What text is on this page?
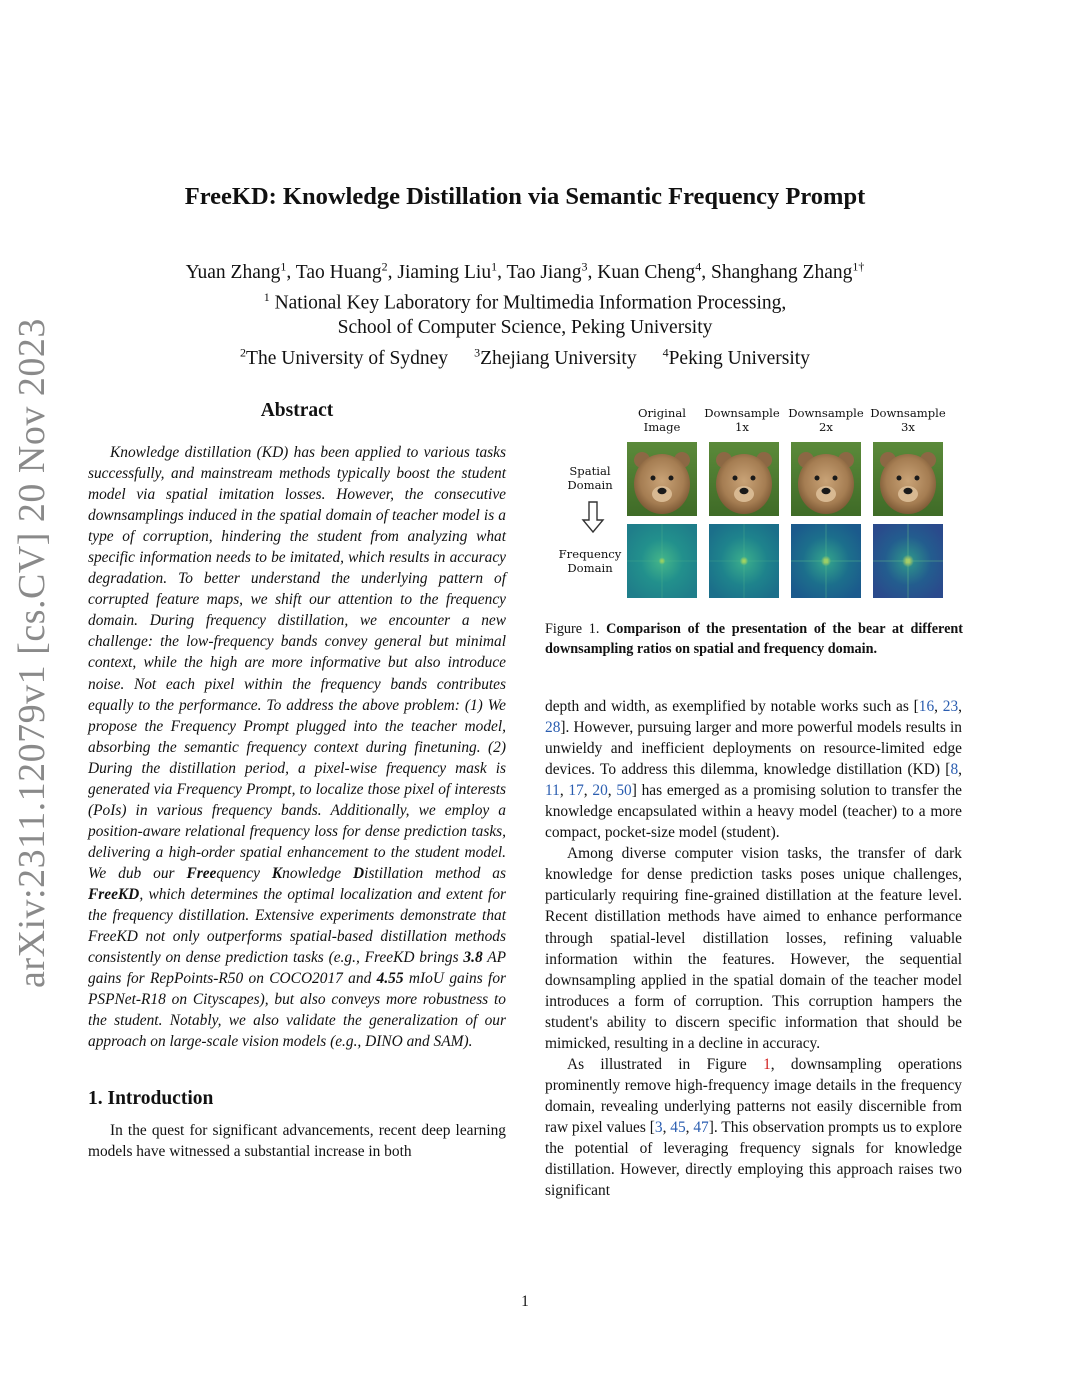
arXiv:2311.12079v1 [cs.CV] 20 Nov 2023
FreeKD: Knowledge Distillation via Semantic Frequency Prompt
Yuan Zhang$^1$, Tao Huang$^2$, Jiaming Liu$^1$, Tao Jiang$^3$, Kuan Cheng$^4$, Shanghang Zhang$^{1\dagger}$
$^1$ National Key Laboratory for Multimedia Information Processing,
School of Computer Science, Peking University
$^2$The University of Sydney $^3$Zhejiang University $^4$Peking University
Abstract

Knowledge distillation (KD) has been applied to various tasks successfully, and mainstream methods typically boost the student model via spatial imitation losses. However, the consecutive downsamplings induced in the spatial domain of teacher model is a type of corruption, hindering the student from analyzing what specific information needs to be imitated, which results in accuracy degradation. To better understand the underlying pattern of corrupted feature maps, we shift our attention to the frequency domain. During frequency distillation, we encounter a new challenge: the low-frequency bands convey general but minimal context, while the high are more informative but also introduce noise. Not each pixel within the frequency bands contributes equally to the performance. To address the above problem: (1) We propose the Frequency Prompt plugged into the teacher model, absorbing the semantic frequency context during finetuning. (2) During the distillation period, a pixel-wise frequency mask is generated via Frequency Prompt, to localize those pixel of interests (PoIs) in various frequency bands. Additionally, we employ a position-aware relational frequency loss for dense prediction tasks, delivering a high-order spatial enhancement to the student model. We dub our Freequency Knowledge Distillation method as FreeKD, which determines the optimal localization and extent for the frequency distillation. Extensive experiments demonstrate that FreeKD not only outperforms spatial-based distillation methods consistently on dense prediction tasks (e.g., FreeKD brings 3.8 AP gains for RepPoints-R50 on COCO2017 and 4.55 mIoU gains for PSPNet-R18 on Cityscapes), but also conveys more robustness to the student. Notably, we also validate the generalization of our approach on large-scale vision models (e.g., DINO and SAM).

1. Introduction

In the quest for significant advancements, recent deep learning models have witnessed a substantial increase in both

Original
Image
Downsample
1x
Downsample
2x
Downsample
3x
Spatial
Domain
Frequency
Domain
Figure 1. Comparison of the presentation of the bear at different downsampling ratios on spatial and frequency domain.

depth and width, as exemplified by notable works such as [16, 23, 28]. However, pursuing larger and more powerful models results in unwieldy and inefficient deployments on resource-limited edge devices. To address this dilemma, knowledge distillation (KD) [8, 11, 17, 20, 50] has emerged as a promising solution to transfer the knowledge encapsulated within a heavy model (teacher) to a more compact, pocket-size model (student).

Among diverse computer vision tasks, the transfer of dark knowledge for dense prediction tasks poses unique challenges, particularly requiring fine-grained distillation at the feature level. Recent distillation methods have aimed to enhance performance through spatial-level distillation losses, refining valuable information within the features. However, the sequential downsampling applied in the spatial domain of the teacher model introduces a form of corruption. This corruption hampers the student's ability to discern specific information that should be mimicked, resulting in a decline in accuracy.

As illustrated in Figure 1, downsampling operations prominently remove high-frequency image details in the frequency domain, revealing underlying patterns not easily discernible from raw pixel values [3, 45, 47]. This observation prompts us to explore the potential of leveraging frequency signals for knowledge distillation. However, directly employing this approach raises two significant

1
